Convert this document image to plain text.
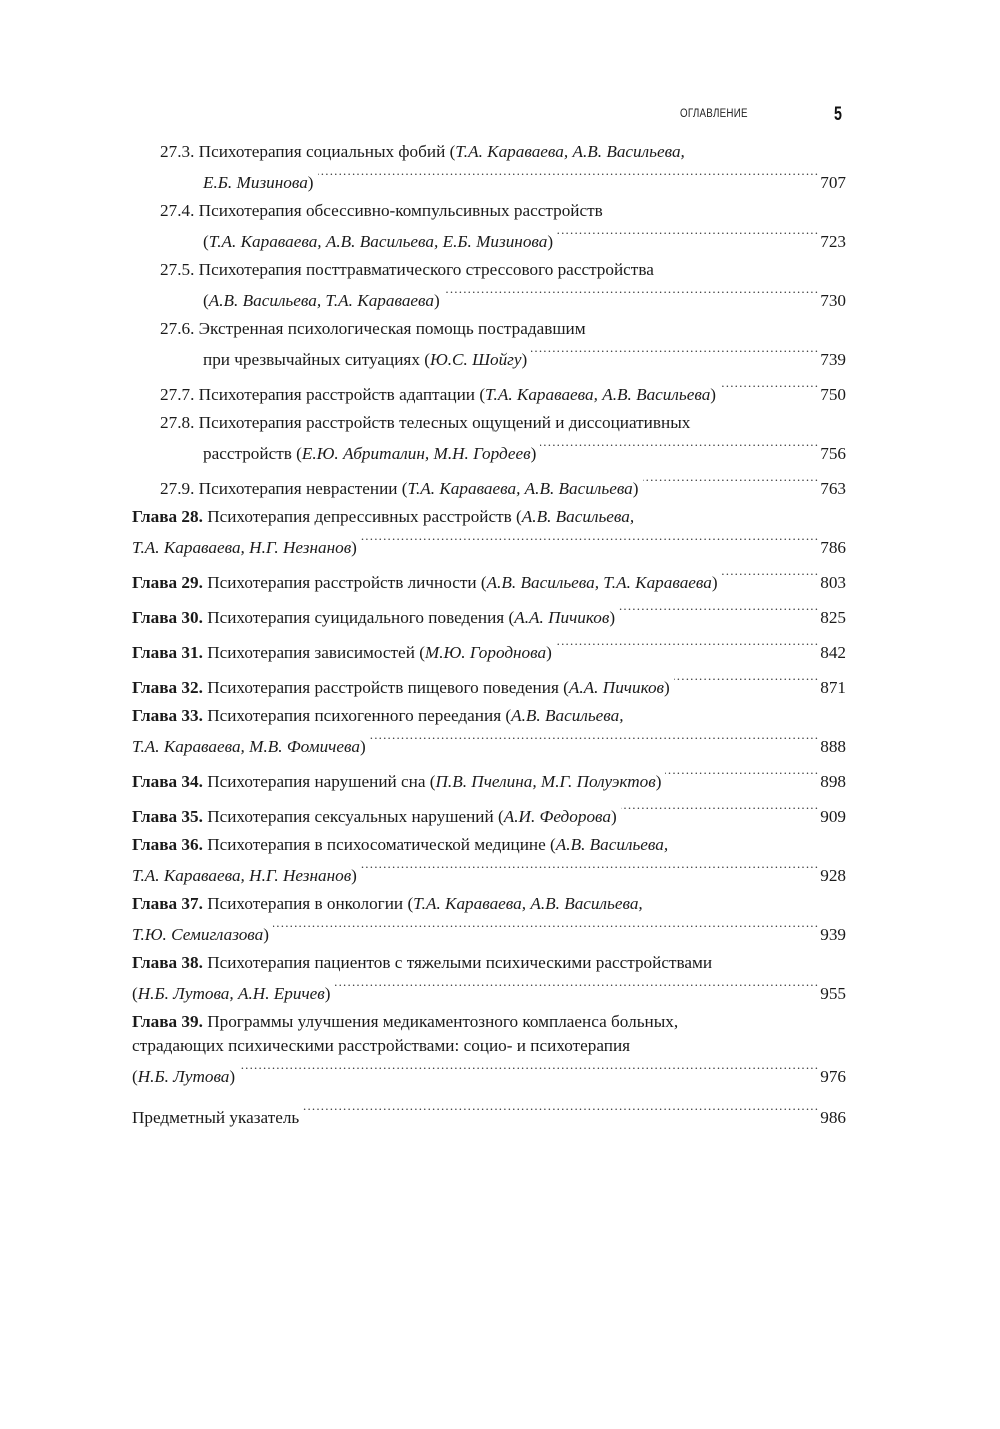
ОГЛАВЛЕНИЕ	5
27.3. Психотерапия социальных фобий (Т.А. Караваева, А.В. Васильева,
Е.Б. Мизинова) .....	707
27.4. Психотерапия обсессивно-компульсивных расстройств
(Т.А. Караваева, А.В. Васильева, Е.Б. Мизинова) .....	723
27.5. Психотерапия посттравматического стрессового расстройства
(А.В. Васильева, Т.А. Караваева) .....	730
27.6. Экстренная психологическая помощь пострадавшим
при чрезвычайных ситуациях (Ю.С. Шойгу) .....	739
27.7. Психотерапия расстройств адаптации (Т.А. Караваева, А.В. Васильева) .....	750
27.8. Психотерапия расстройств телесных ощущений и диссоциативных
расстройств (Е.Ю. Абриталин, М.Н. Гордеев) .....	756
27.9. Психотерапия неврастении (Т.А. Караваева, А.В. Васильева) .....	763
Глава 28. Психотерапия депрессивных расстройств (А.В. Васильева,
Т.А. Караваева, Н.Г. Незнанов) .....	786
Глава 29. Психотерапия расстройств личности (А.В. Васильева, Т.А. Караваева) .....	803
Глава 30. Психотерапия суицидального поведения (А.А. Пичиков) .....	825
Глава 31. Психотерапия зависимостей (М.Ю. Городнова) .....	842
Глава 32. Психотерапия расстройств пищевого поведения (А.А. Пичиков) .....	871
Глава 33. Психотерапия психогенного переедания (А.В. Васильева,
Т.А. Караваева, М.В. Фомичева) .....	888
Глава 34. Психотерапия нарушений сна (П.В. Пчелина, М.Г. Полуэктов) .....	898
Глава 35. Психотерапия сексуальных нарушений (А.И. Федорова) .....	909
Глава 36. Психотерапия в психосоматической медицине (А.В. Васильева,
Т.А. Караваева, Н.Г. Незнанов) .....	928
Глава 37. Психотерапия в онкологии (Т.А. Караваева, А.В. Васильева,
Т.Ю. Семиглазова) .....	939
Глава 38. Психотерапия пациентов с тяжелыми психическими расстройствами
(Н.Б. Лутова, А.Н. Еричев) .....	955
Глава 39. Программы улучшения медикаментозного комплаенса больных,
страдающих психическими расстройствами: социо- и психотерапия
(Н.Б. Лутова) .....	976
Предметный указатель .....	986
